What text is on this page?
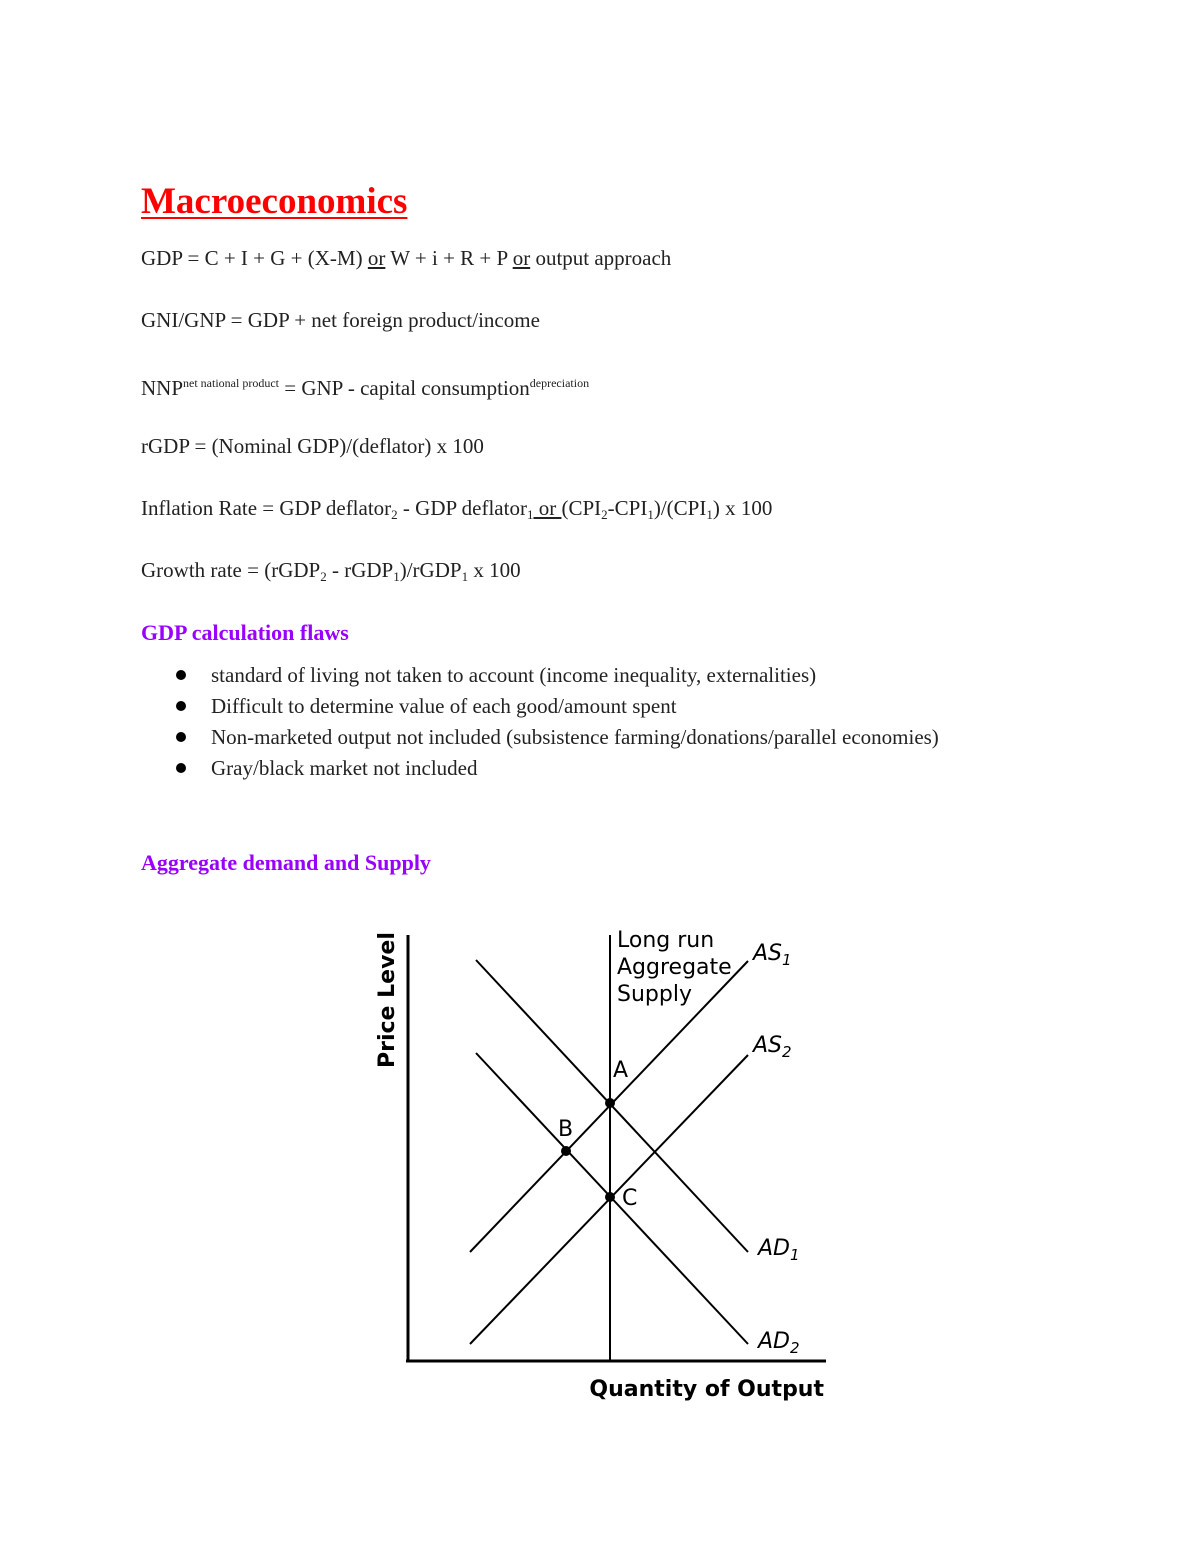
Macroeconomics

GDP = C + I + G + (X-M) or W + i + R + P or output approach

GNI/GNP = GDP + net foreign product/income

$NNP^{net national product}$ = GNP - capital consumption$^{depreciation}$

rGDP = (Nominal GDP)/(deflator) x 100

Inflation Rate = GDP deflator$_2$ - GDP deflator$_1$ or $(CPI_2-CPI_1)/(CPI_1)$ x 100

Growth rate = (rGDP$_2$ - rGDP$_1$)/rGDP$_1$ x 100

GDP calculation flaws
standard of living not taken to account (income inequality, externalities)
Difficult to determine value of each good/amount spent
Non-marketed output not included (subsistence farming/donations/parallel economies)
Gray/black market not included
Aggregate demand and Supply
A
B
C
Long run
Aggregate
Supply
$AS_1$
$AS_2$
$AD_1$
$AD_2$
Quantity of Output
Price Level
